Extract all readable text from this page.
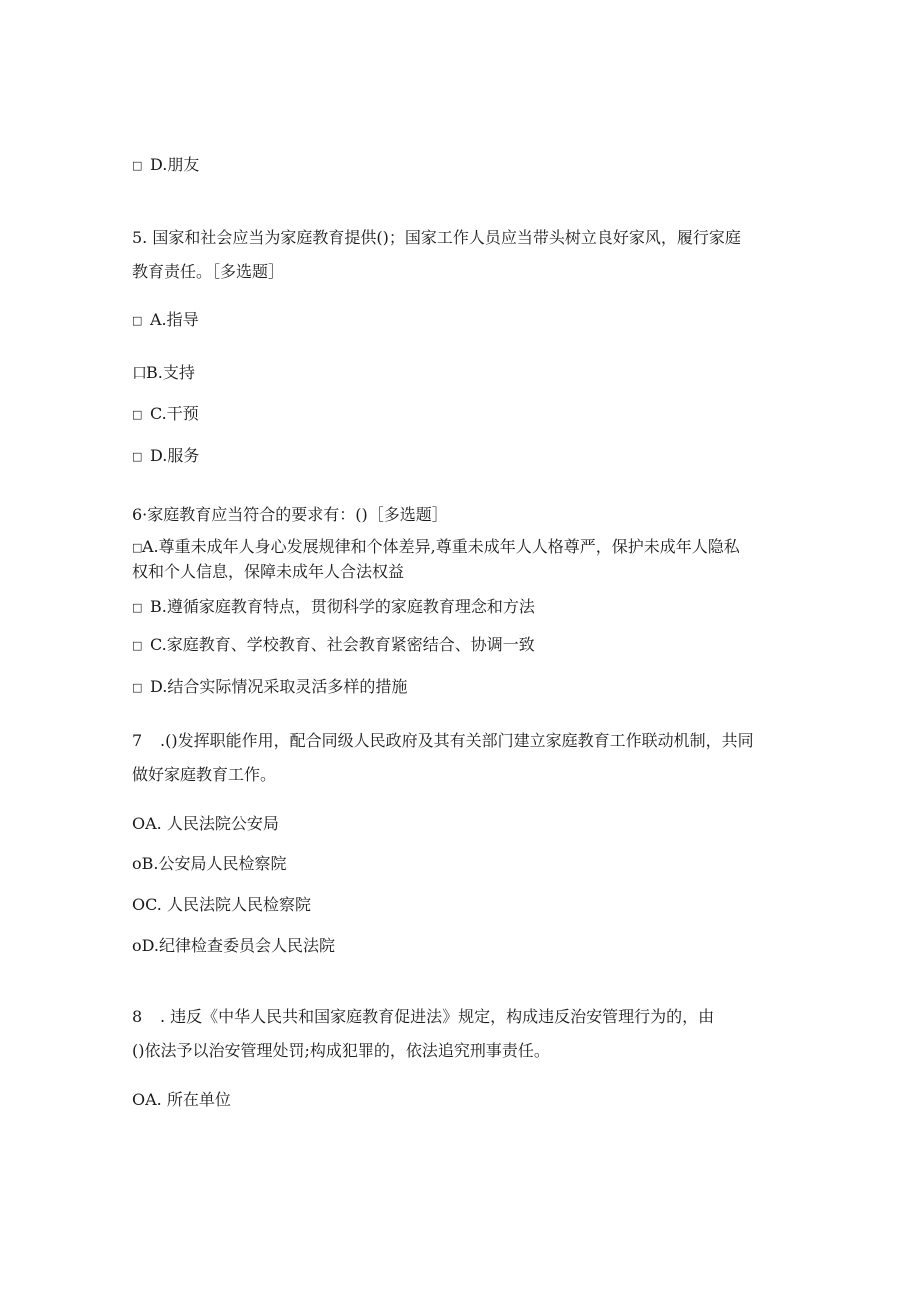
□ D.朋友
5. 国家和社会应当为家庭教育提供()；国家工作人员应当带头树立良好家风，履行家庭
教育责任。［多选题］
□ A.指导
口B.支持
□ C.干预
□ D.服务
6·家庭教育应当符合的要求有：()［多选题］
□A.尊重未成年人身心发展规律和个体差异,尊重未成年人人格尊严，保护未成年人隐私
权和个人信息，保障未成年人合法权益
□ B.遵循家庭教育特点，贯彻科学的家庭教育理念和方法
□ C.家庭教育、学校教育、社会教育紧密结合、协调一致
□ D.结合实际情况采取灵活多样的措施
7 .()发挥职能作用，配合同级人民政府及其有关部门建立家庭教育工作联动机制，共同
做好家庭教育工作。
OA. 人民法院公安局
oB.公安局人民检察院
OC. 人民法院人民检察院
oD.纪律检查委员会人民法院
8 . 违反《中华人民共和国家庭教育促进法》规定，构成违反治安管理行为的，由
()依法予以治安管理处罚;构成犯罪的，依法追究刑事责任。
OA. 所在单位
